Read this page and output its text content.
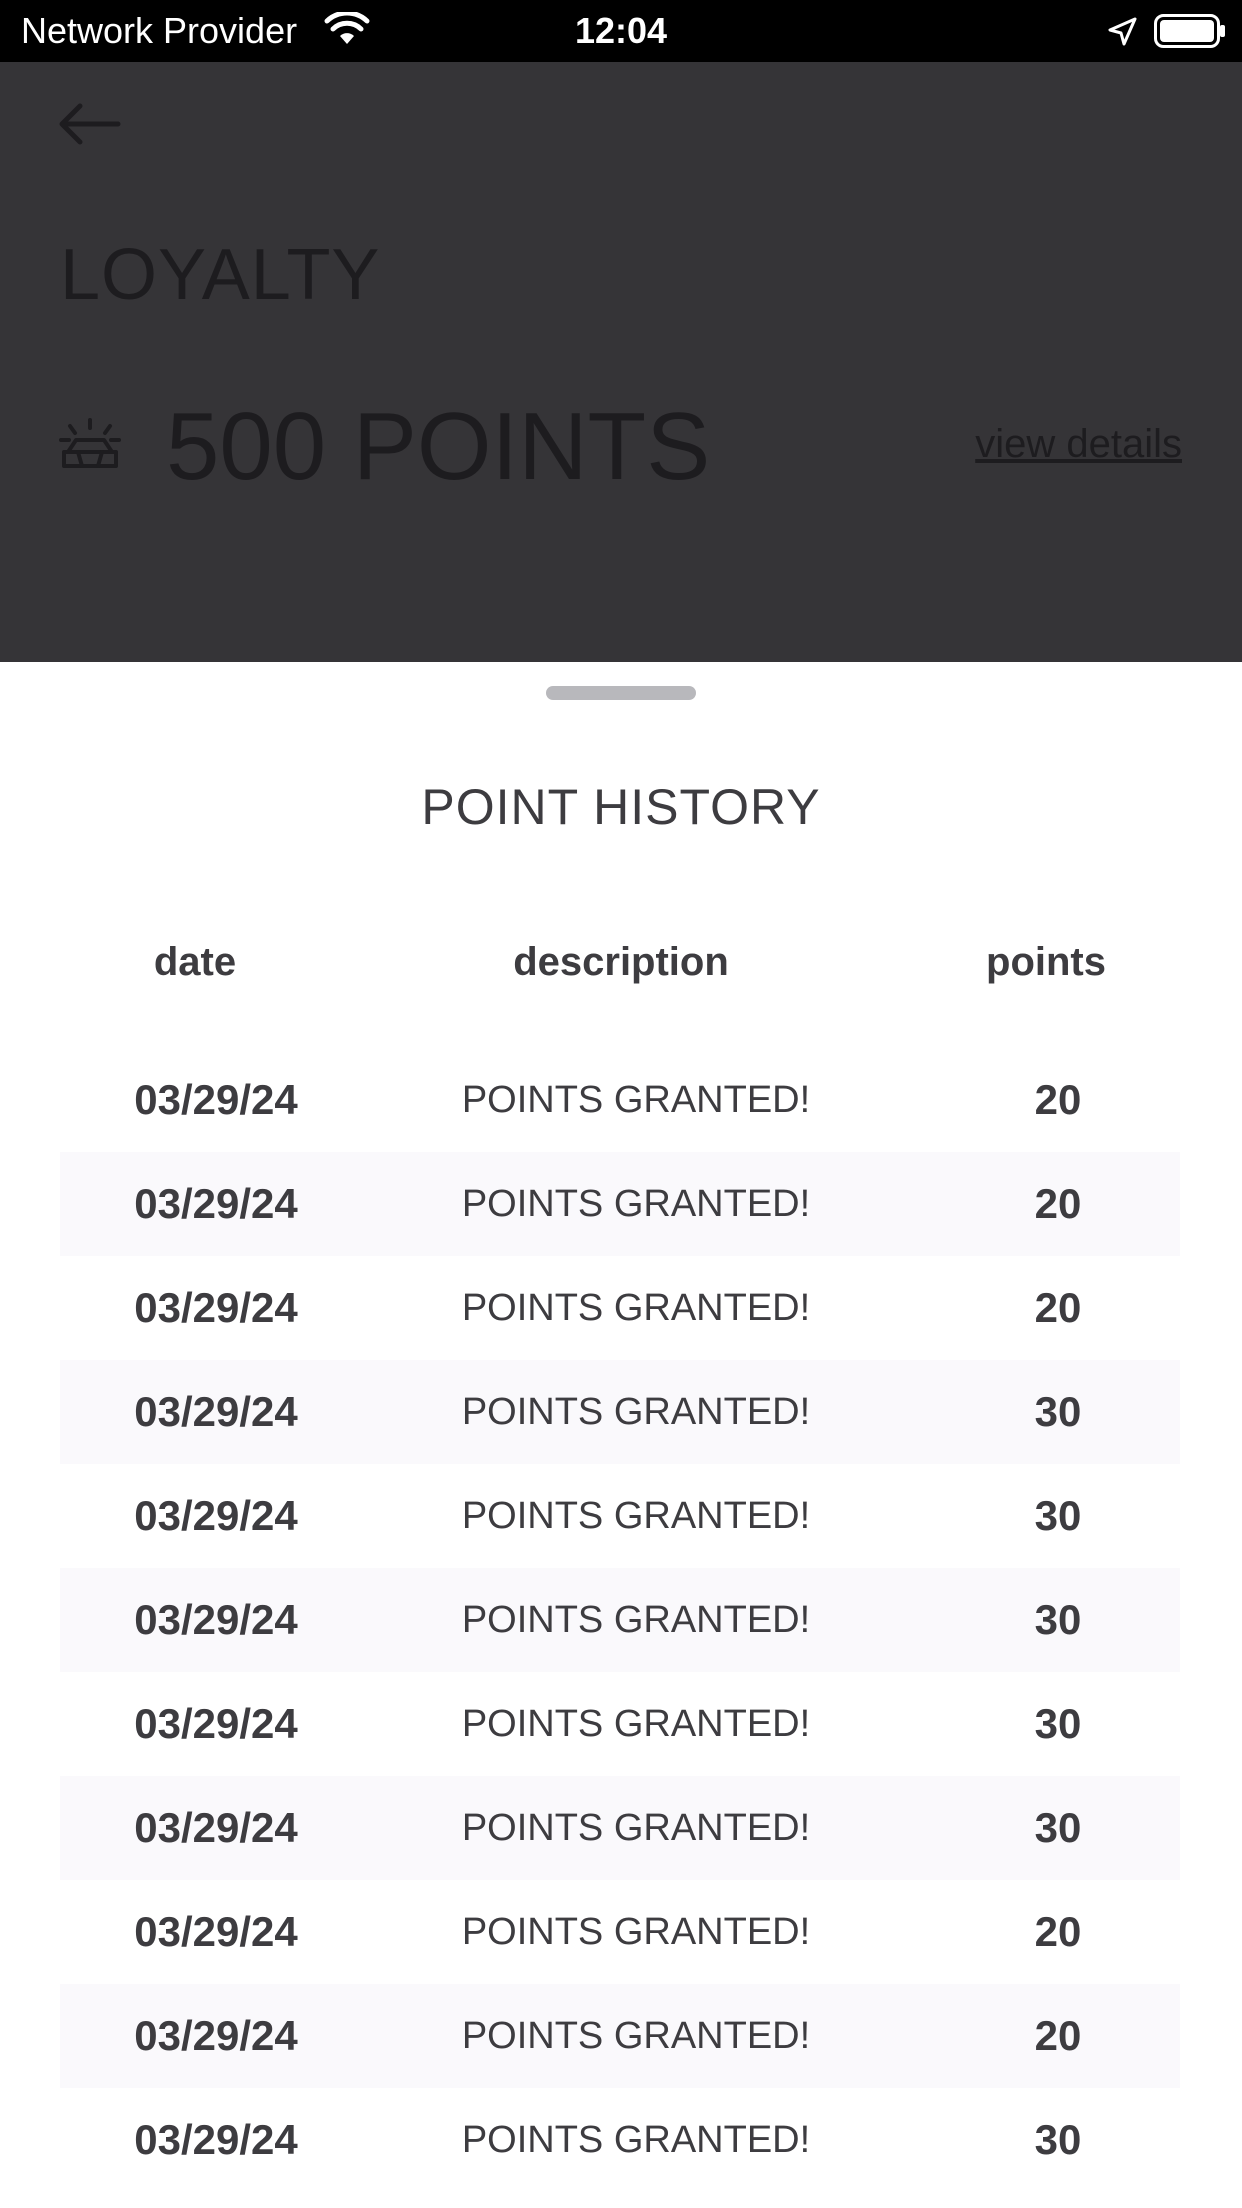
Network Provider	12:04
LOYALTY
500 POINTS	view details
POINT HISTORY
date	description	points
03/29/24	POINTS GRANTED!	20
03/29/24	POINTS GRANTED!	20
03/29/24	POINTS GRANTED!	20
03/29/24	POINTS GRANTED!	30
03/29/24	POINTS GRANTED!	30
03/29/24	POINTS GRANTED!	30
03/29/24	POINTS GRANTED!	30
03/29/24	POINTS GRANTED!	30
03/29/24	POINTS GRANTED!	20
03/29/24	POINTS GRANTED!	20
03/29/24	POINTS GRANTED!	30
